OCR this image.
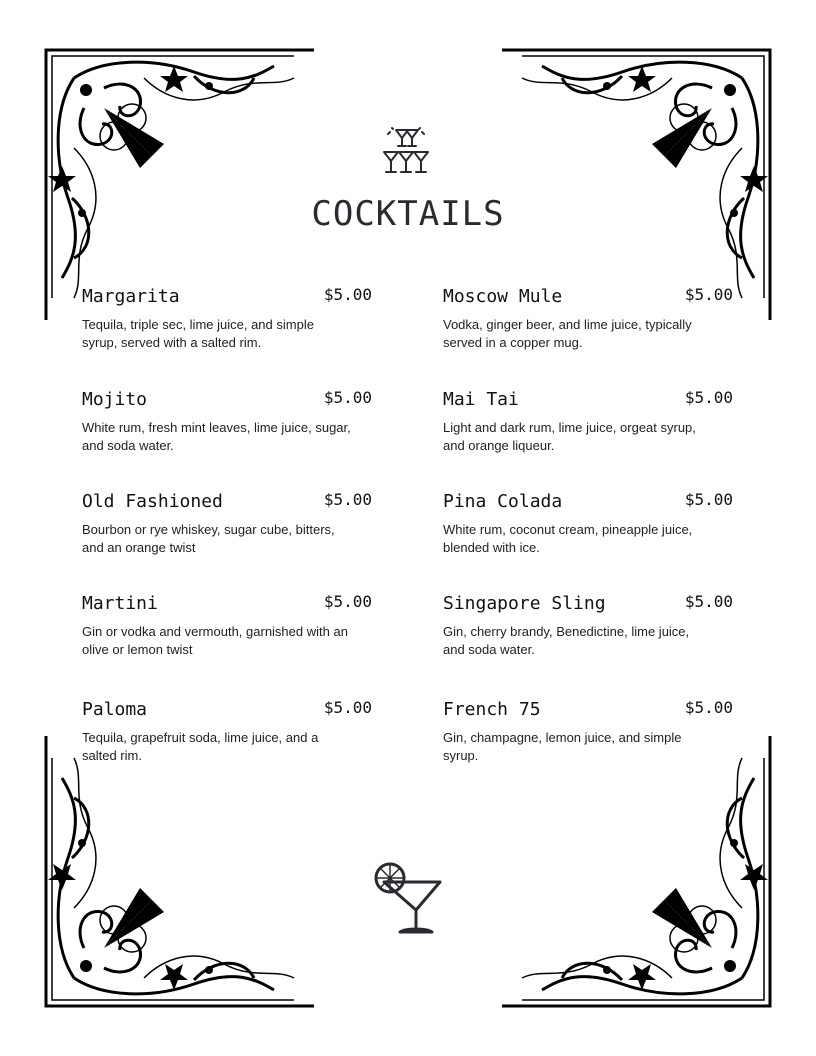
COCKTAILS
Margarita	$5.00
Tequila, triple sec, lime juice, and simple syrup, served with a salted rim.
Mojito	$5.00
White rum, fresh mint leaves, lime juice, sugar, and soda water.
Old Fashioned	$5.00
Bourbon or rye whiskey, sugar cube, bitters, and an orange twist
Martini	$5.00
Gin or vodka and vermouth, garnished with an olive or lemon twist
Paloma	$5.00
Tequila, grapefruit soda, lime juice, and a salted rim.
Moscow Mule	$5.00
Vodka, ginger beer, and lime juice, typically served in a copper mug.
Mai Tai	$5.00
Light and dark rum, lime juice, orgeat syrup, and orange liqueur.
Pina Colada	$5.00
White rum, coconut cream, pineapple juice, blended with ice.
Singapore Sling	$5.00
Gin, cherry brandy, Benedictine, lime juice, and soda water.
French 75	$5.00
Gin, champagne, lemon juice, and simple syrup.
